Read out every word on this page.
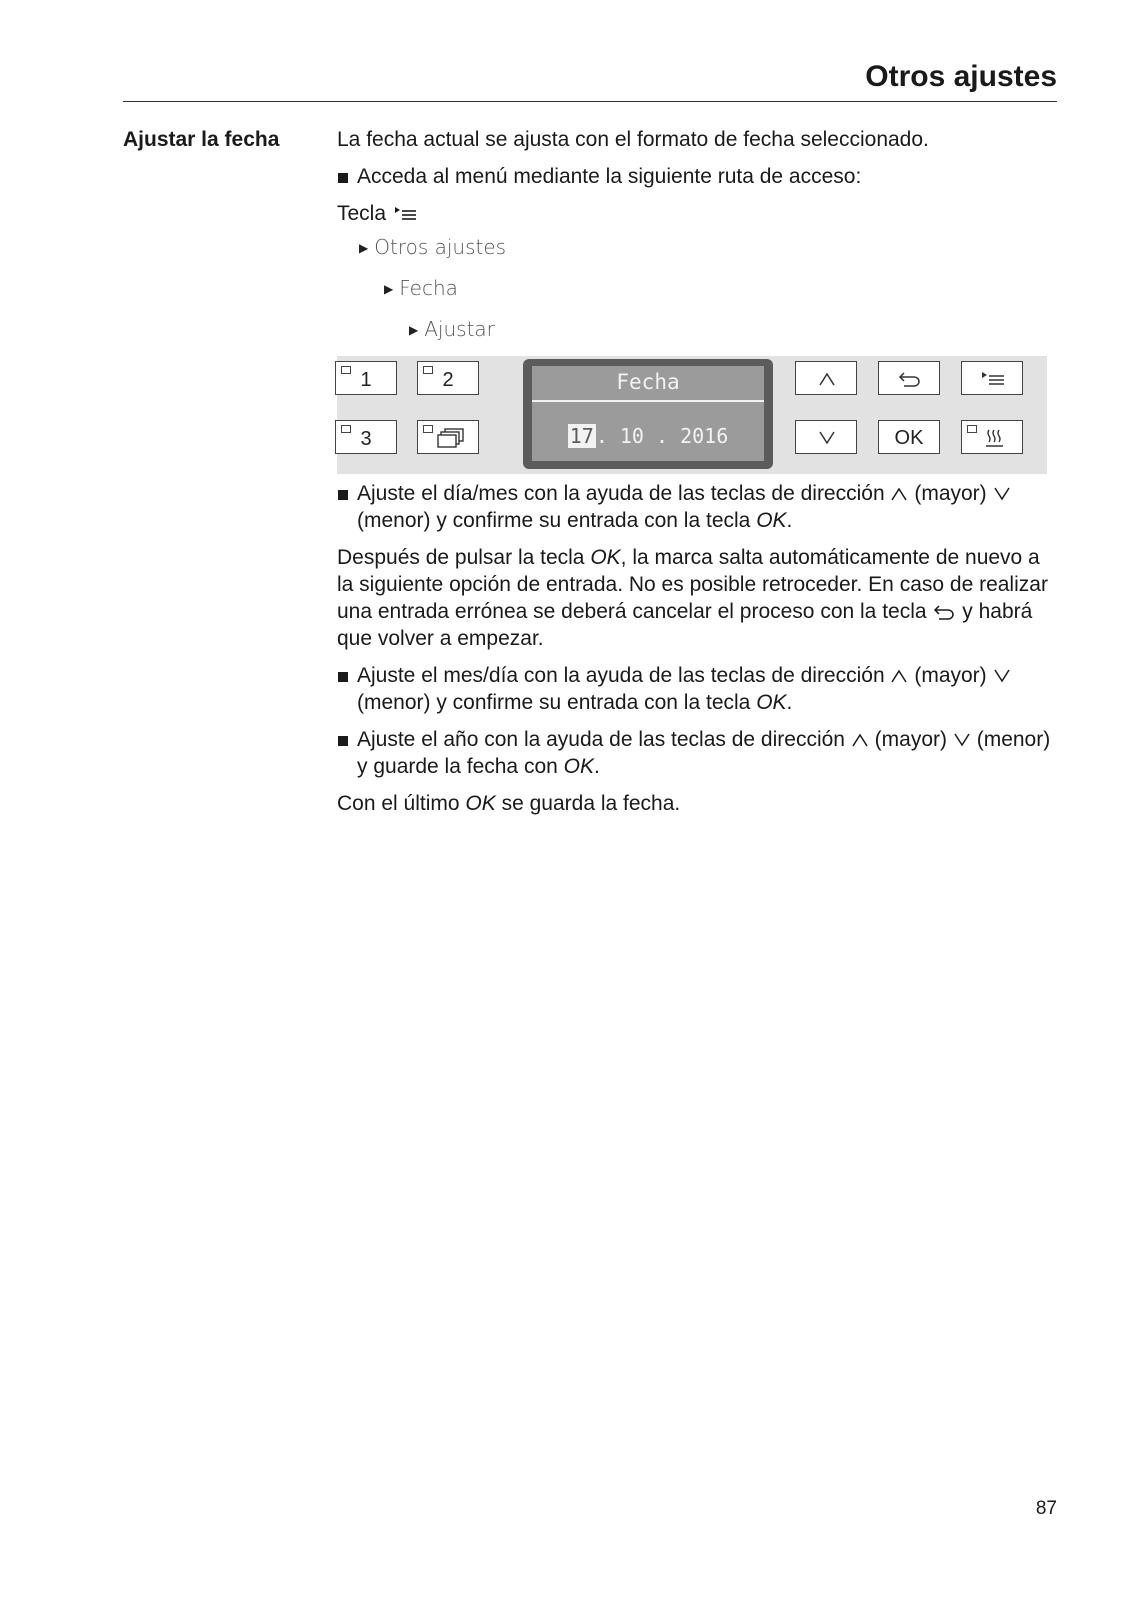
Otros ajustes
Ajustar la fecha	La fecha actual se ajusta con el formato de fecha seleccionado.

Acceda al menú mediante la siguiente ruta de acceso:

Tecla

▶ Otros ajustes
▶ Fecha
▶ Ajustar
1	2
3
Fecha
17 . 10 . 2016	OK
Ajuste el día/mes con la ayuda de las teclas de dirección (mayor)  (menor) y confirme su entrada con la tecla OK.

Después de pulsar la tecla OK, la marca salta automáticamente de nuevo a la siguiente opción de entrada. No es posible retroceder. En caso de realizar una entrada errónea se deberá cancelar el proceso con la tecla y habrá que volver a empezar.

Ajuste el mes/día con la ayuda de las teclas de dirección (mayor)  (menor) y confirme su entrada con la tecla OK.
Ajuste el año con la ayuda de las teclas de dirección (mayor) (menor) y guarde la fecha con OK.

Con el último OK se guarda la fecha.

87
